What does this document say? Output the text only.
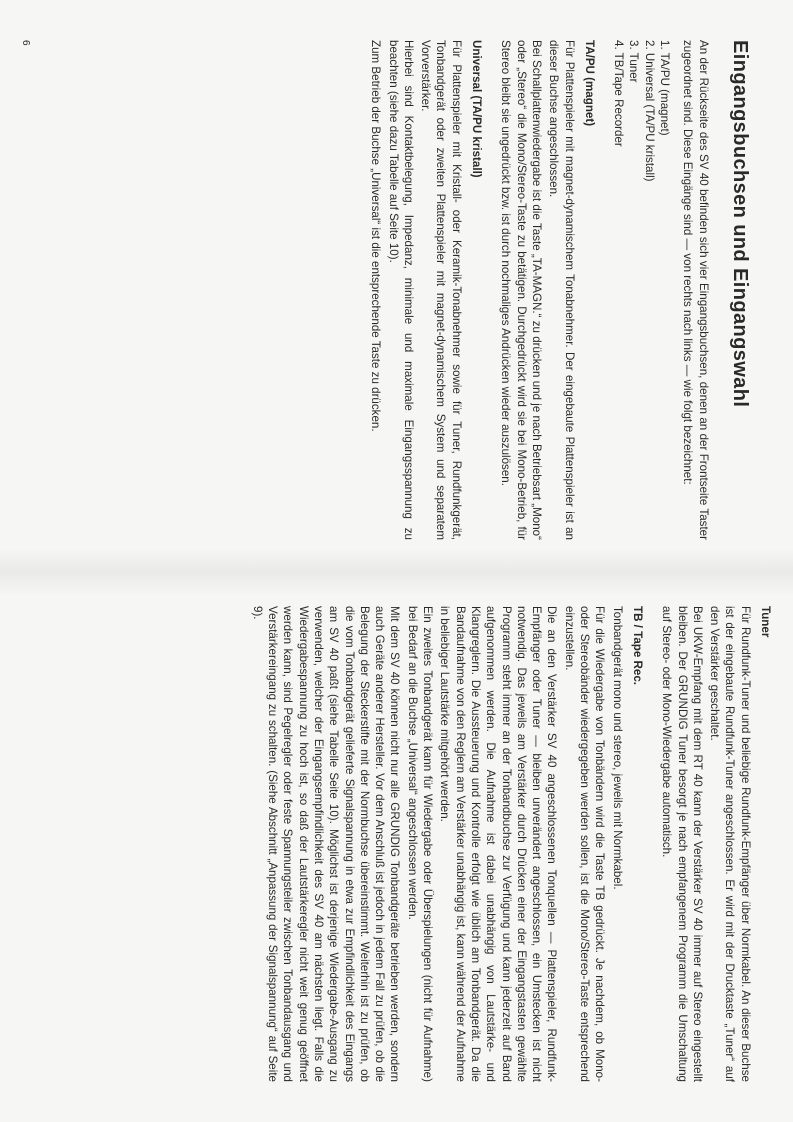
Eingangsbuchsen und Eingangswahl

An der Rückseite des SV 40 befinden sich vier Eingangsbuchsen, denen an der Frontseite Taster zugeordnet sind. Diese Eingänge sind — von rechts nach links — wie folgt bezeichnet:

1. TA/PU (magnet)
2. Universal (TA/PU kristall)
3. Tuner
4. TB/Tape Recorder
TA/PU (magnet)

Für Plattenspieler mit magnet-dynamischem Tonabnehmer. Der eingebaute Plattenspieler ist an dieser Buchse angeschlossen.

Bei Schallplattenwiedergabe ist die Taste „TA-MAGN.“ zu drücken und je nach Betriebsart „Mono“ oder „Stereo“ die Mono/Stereo-Taste zu betätigen. Durchgedrückt wird sie bei Mono-Betrieb, für Stereo bleibt sie ungedrückt bzw. ist durch nochmaliges Andrücken wieder auszulösen.

Universal (TA/PU kristall)

Für Plattenspieler mit Kristall- oder Keramik-Tonabnehmer sowie für Tuner, Rundfunkgerät, Tonbandgerät oder zweiten Plattenspieler mit magnet-dynamischem System und separatem Vorverstärker.

Hierbei sind Kontaktbelegung, Impedanz, minimale und maximale Eingangsspannung zu beachten (siehe dazu Tabelle auf Seite 10).

Zum Betrieb der Buchse „Universal“ ist die entsprechende Taste zu drücken.

Tuner

Für Rundfunk-Tuner und beliebige Rundfunk-Empfänger über Normkabel. An dieser Buchse ist der eingebaute Rundfunk-Tuner angeschlossen. Er wird mit der Drucktaste „Tuner“ auf den Verstärker geschaltet.

Bei UKW-Empfang mit dem RT 40 kann der Verstärker SV 40 immer auf Stereo eingestellt bleiben. Der GRUNDIG Tuner besorgt je nach empfangenem Programm die Umschaltung auf Stereo- oder Mono-Wiedergabe automatisch.

TB / Tape Rec.

Tonbandgerät mono und stereo, jeweils mit Normkabel.

Für die Wiedergabe von Tonbändern wird die Taste TB gedrückt. Je nachdem, ob Mono- oder Stereobänder wiedergegeben werden sollen, ist die Mono/Stereo-Taste entsprechend einzustellen.

Die an den Verstärker SV 40 angeschlossenen Tonquellen — Plattenspieler, Rundfunk-Empfänger oder Tuner — bleiben unverändert angeschlossen, ein Umstecken ist nicht notwendig. Das jeweils am Verstärker durch Drücken einer der Eingangstasten gewählte Programm steht immer an der Tonbandbuchse zur Verfügung und kann jederzeit auf Band aufgenommen werden. Die Aufnahme ist dabei unabhängig von Lautstärke- und Klangreglern. Die Aussteuerung und Kontrolle erfolgt wie üblich am Tonbandgerät. Da die Bandaufnahme von den Reglern am Verstärker unabhängig ist, kann während der Aufnahme in beliebiger Lautstärke mitgehört werden.

Ein zweites Tonbandgerät kann für Wiedergabe oder Überspielungen (nicht für Aufnahme) bei Bedarf an die Buchse „Universal“ angeschlossen werden.

Mit dem SV 40 können nicht nur alle GRUNDIG Tonbandgeräte betrieben werden, sondern auch Geräte anderer Hersteller. Vor dem Anschluß ist jedoch in jedem Fall zu prüfen, ob die Belegung der Steckerstifte mit der Normbuchse übereinstimmt. Weiterhin ist zu prüfen, ob die vom Tonbandgerät gelieferte Signalspannung in etwa zur Empfindlichkeit des Eingangs am SV 40 paßt (siehe Tabelle Seite 10). Möglichst ist derjenige Wiedergabe-Ausgang zu verwenden, welcher der Eingangsempfindlichkeit des SV 40 am nächsten liegt. Falls die Wiedergabespannung zu hoch ist, so daß der Lautstärkeregler nicht weit genug geöffnet werden kann, sind Pegelregler oder feste Spannungsteiler zwischen Tonbandausgang und Verstärkereingang zu schalten. (Siehe Abschnitt „Anpassung der Signalspannung“ auf Seite 9).

6
